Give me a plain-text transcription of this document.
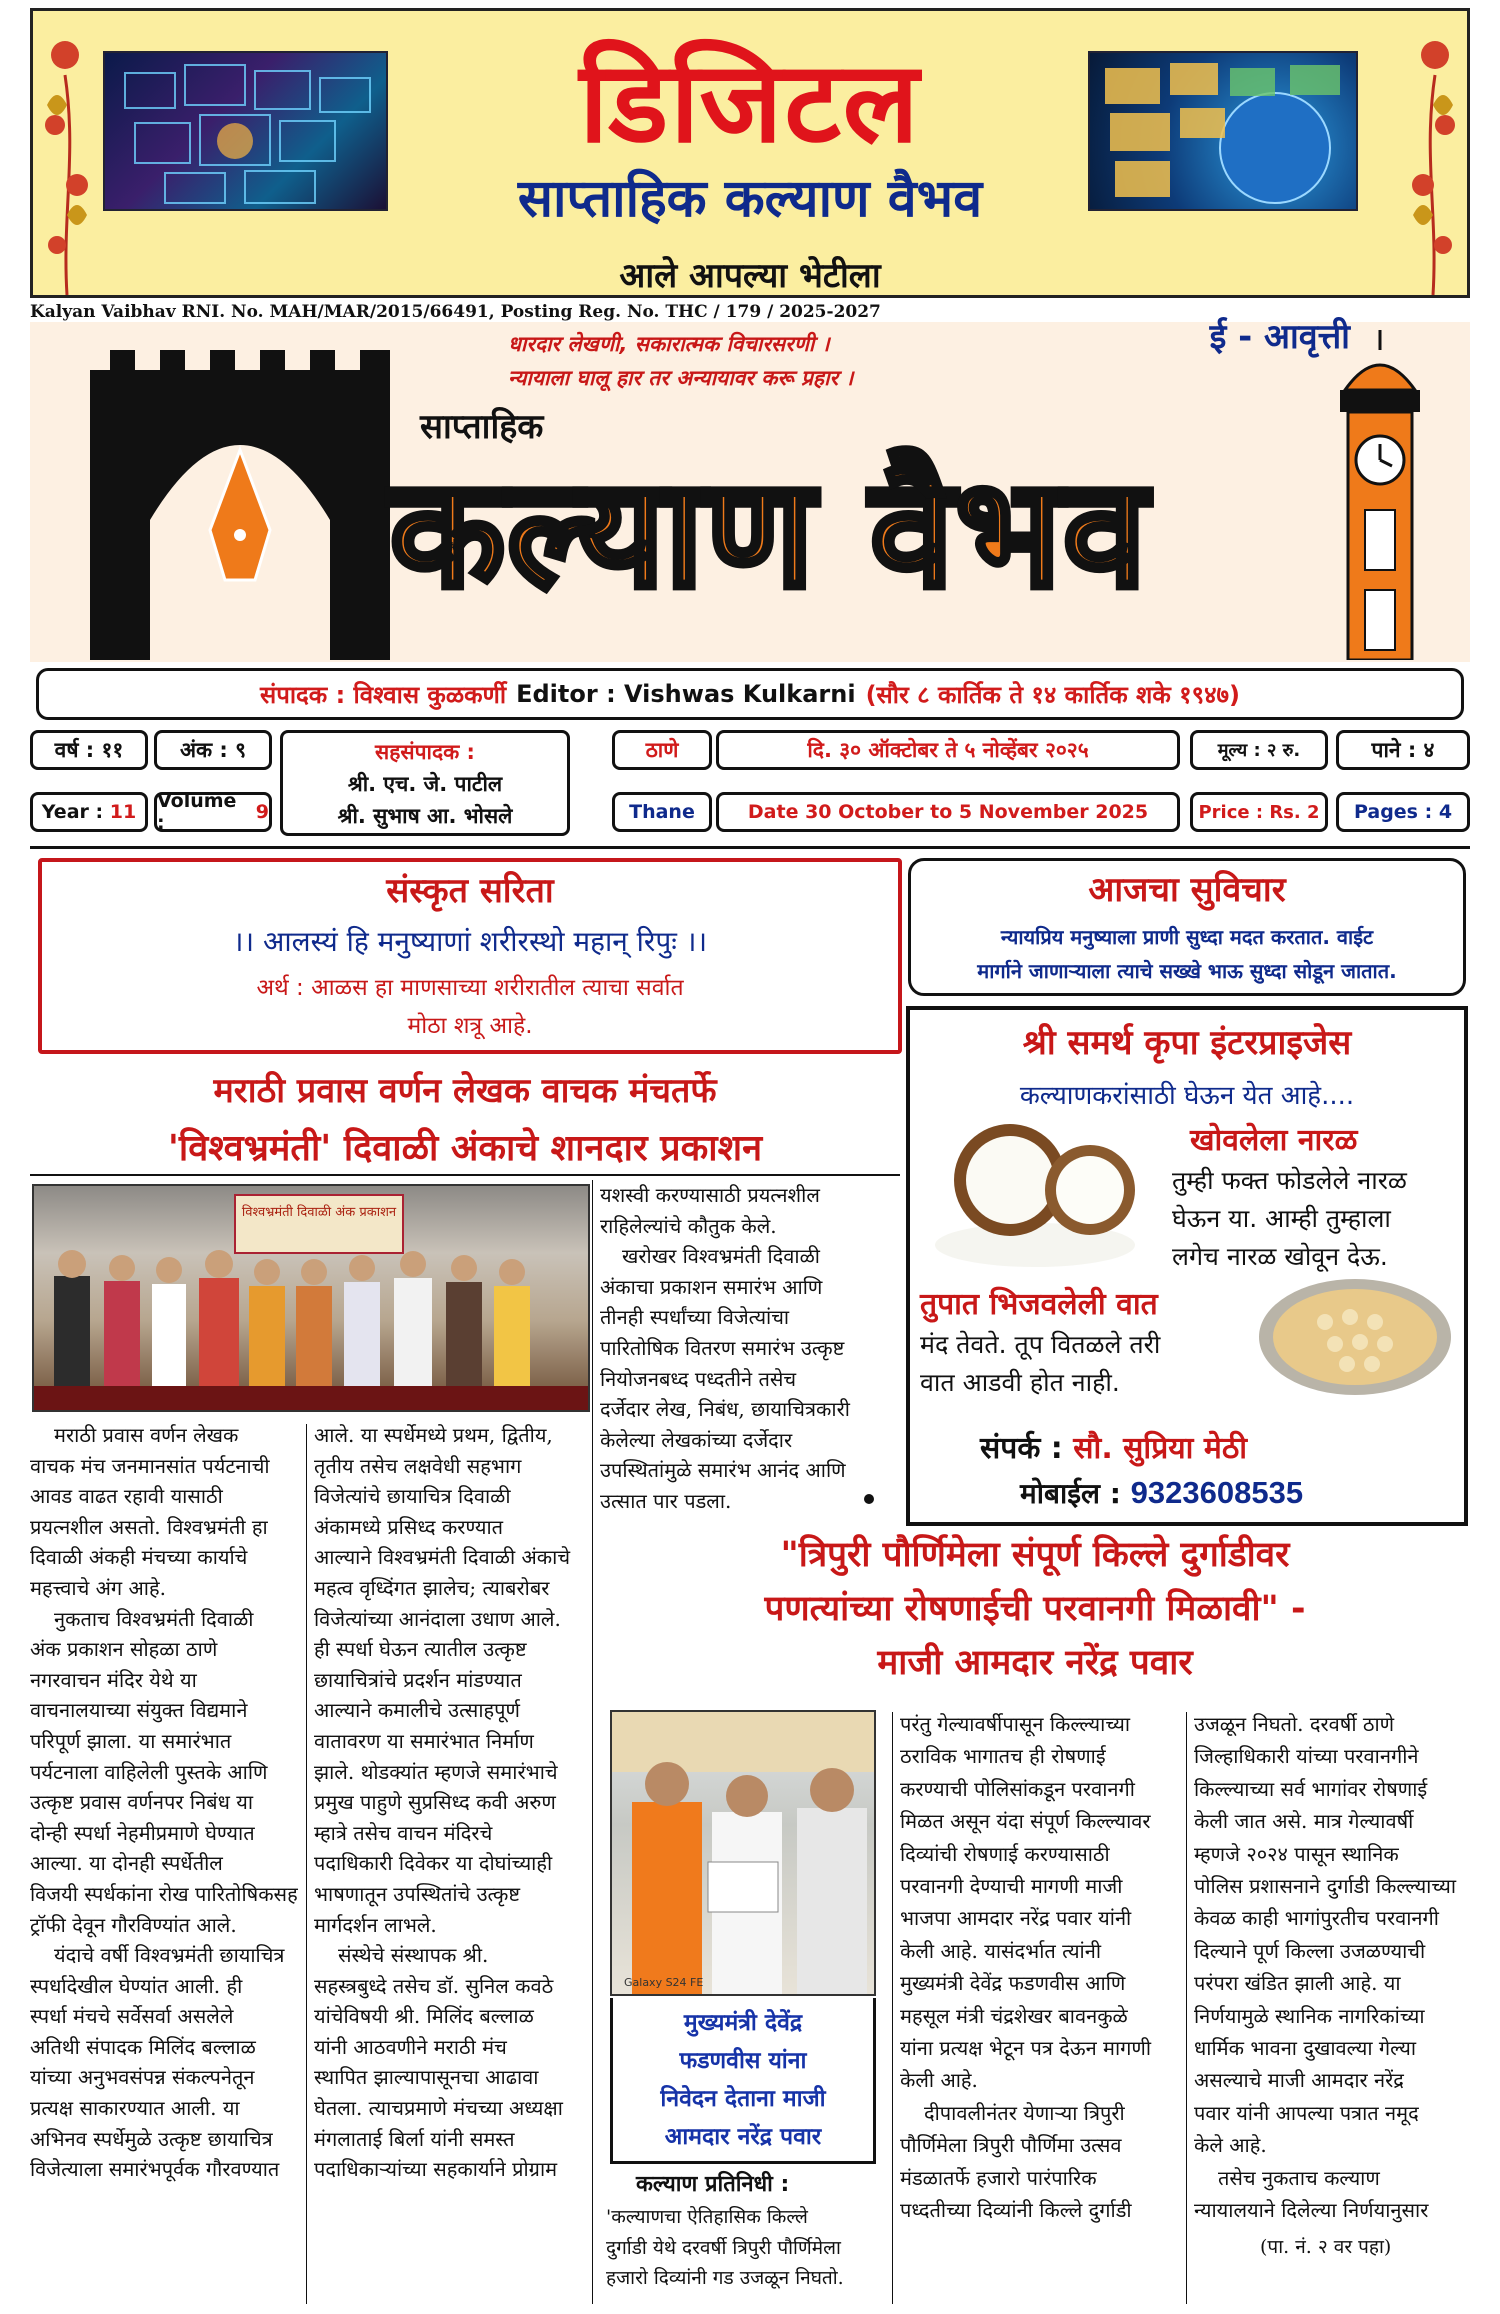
डिजिटल
साप्ताहिक कल्याण वैभव
आले आपल्या भेटीला
Kalyan Vaibhav RNI. No. MAH/MAR/2015/66491, Posting Reg. No. THC / 179 / 2025-2027
धारदार लेखणी, सकारात्मक विचारसरणी ।
न्यायाला घालू हार तर अन्यायावर करू प्रहार ।
साप्ताहिक
कल्याण वैभव
ई - आवृत्ती
संपादक : विश्वास कुळकर्णी Editor : Vishwas Kulkarni (सौर ८ कार्तिक ते १४ कार्तिक शके १९४७)
वर्ष : ११	अंक : ९
Year :
11 Volume :
	9
सहसंपादक :
श्री. एच. जे. पाटील
श्री. सुभाष आ. भोसले
ठाणे
Thane
दि. ३० ऑक्टोबर ते ५ नोव्हेंबर २०२५
Date 30 October to 5 November 2025
मूल्य : २ रु.
Price : Rs. 2
पाने : ४
Pages : 4
संस्कृत सरिता
।। आलस्यं हि मनुष्याणां शरीरस्थो महान् रिपुः ।।
अर्थ : आळस हा माणसाच्या शरीरातील त्याचा सर्वात
मोठा शत्रू आहे.
आजचा सुविचार
न्यायप्रिय मनुष्याला प्राणी सुध्दा मदत करतात. वाईट
मार्गाने जाणाऱ्याला त्याचे सख्खे भाऊ सुध्दा सोडून जातात.
श्री समर्थ कृपा इंटरप्राइजेस
कल्याणकरांसाठी घेऊन येत आहे....
खोवलेला नारळ
तुम्ही फक्त फोडलेले नारळ
घेऊन या. आम्ही तुम्हाला
लगेच नारळ खोवून देऊ.
तुपात भिजवलेली वात
मंद तेवते. तूप वितळले तरी
वात आडवी होत नाही.
संपर्क : सौ. सुप्रिया मेठी
मोबाईल : 9323608535
मराठी प्रवास वर्णन लेखक वाचक मंचतर्फे
'विश्वभ्रमंती' दिवाळी अंकाचे शानदार प्रकाशन
विश्वभ्रमंती दिवाळी अंक प्रकाशन
यशस्वी करण्यासाठी प्रयत्नशील
राहिलेल्यांचे कौतुक केले.
खरोखर विश्वभ्रमंती दिवाळी
अंकाचा प्रकाशन समारंभ आणि
तीनही स्पर्धांच्या विजेत्यांचा
पारितोषिक वितरण समारंभ उत्कृष्ट
नियोजनबध्द पध्दतीने तसेच
दर्जेदार लेख, निबंध, छायाचित्रकारी
केलेल्या लेखकांच्या दर्जेदार
उपस्थितांमुळे समारंभ आनंद आणि
उत्सात पार पडला.
मराठी प्रवास वर्णन लेखक
वाचक मंच जनमानसांत पर्यटनाची
आवड वाढत रहावी यासाठी
प्रयत्नशील असतो. विश्वभ्रमंती हा
दिवाळी अंकही मंचच्या कार्याचे
महत्त्वाचे अंग आहे.
नुकताच विश्वभ्रमंती दिवाळी
अंक प्रकाशन सोहळा ठाणे
नगरवाचन मंदिर येथे या
वाचनालयाच्या संयुक्त विद्यमाने
परिपूर्ण झाला. या समारंभात
पर्यटनाला वाहिलेली पुस्तके आणि
उत्कृष्ट प्रवास वर्णनपर निबंध या
दोन्ही स्पर्धा नेहमीप्रमाणे घेण्यात
आल्या. या दोनही स्पर्धेतील
विजयी स्पर्धकांना रोख पारितोषिकसह
ट्रॉफी देवून गौरविण्यांत आले.
यंदाचे वर्षी विश्वभ्रमंती छायाचित्र
स्पर्धादेखील घेण्यांत आली. ही
स्पर्धा मंचचे सर्वेसर्वा असलेले
अतिथी संपादक मिलिंद बल्लाळ
यांच्या अनुभवसंपन्न संकल्पनेतून
प्रत्यक्ष साकारण्यात आली. या
अभिनव स्पर्धेमुळे उत्कृष्ट छायाचित्र
विजेत्याला समारंभपूर्वक गौरवण्यात
आले. या स्पर्धेमध्ये प्रथम, द्वितीय,
तृतीय तसेच लक्षवेधी सहभाग
विजेत्यांचे छायाचित्र दिवाळी
अंकामध्ये प्रसिध्द करण्यात
आल्याने विश्वभ्रमंती दिवाळी अंकाचे
महत्व वृध्दिंगत झालेच; त्याबरोबर
विजेत्यांच्या आनंदाला उधाण आले.
ही स्पर्धा घेऊन त्यातील उत्कृष्ट
छायाचित्रांचे प्रदर्शन मांडण्यात
आल्याने कमालीचे उत्साहपूर्ण
वातावरण या समारंभात निर्माण
झाले. थोडक्यांत म्हणजे समारंभाचे
प्रमुख पाहुणे सुप्रसिध्द कवी अरुण
म्हात्रे तसेच वाचन मंदिरचे
पदाधिकारी दिवेकर या दोघांच्याही
भाषणातून उपस्थितांचे उत्कृष्ट
मार्गदर्शन लाभले.
संस्थेचे संस्थापक श्री.
सहस्त्रबुध्दे तसेच डॉ. सुनिल कवठे
यांचेविषयी श्री. मिलिंद बल्लाळ
यांनी आठवणीने मराठी मंच
स्थापित झाल्यापासूनचा आढावा
घेतला. त्याचप्रमाणे मंचच्या अध्यक्षा
मंगलाताई बिर्ला यांनी समस्त
पदाधिकाऱ्यांच्या सहकार्याने प्रोग्राम
"त्रिपुरी पौर्णिमेला संपूर्ण किल्ले दुर्गाडीवर
पणत्यांच्या रोषणाईची परवानगी मिळावी" -
माजी आमदार नरेंद्र पवार
Galaxy S24 FE
मुख्यमंत्री देवेंद्र
फडणवीस यांना
निवेदन देताना माजी
आमदार नरेंद्र पवार
कल्याण प्रतिनिधी :
'कल्याणचा ऐतिहासिक किल्ले
दुर्गाडी येथे दरवर्षी त्रिपुरी पौर्णिमेला
हजारो दिव्यांनी गड उजळून निघतो.
परंतु गेल्यावर्षीपासून किल्ल्याच्या
ठराविक भागातच ही रोषणाई
करण्याची पोलिसांकडून परवानगी
मिळत असून यंदा संपूर्ण किल्ल्यावर
दिव्यांची रोषणाई करण्यासाठी
परवानगी देण्याची मागणी माजी
भाजपा आमदार नरेंद्र पवार यांनी
केली आहे. यासंदर्भात त्यांनी
मुख्यमंत्री देवेंद्र फडणवीस आणि
महसूल मंत्री चंद्रशेखर बावनकुळे
यांना प्रत्यक्ष भेटून पत्र देऊन मागणी
केली आहे.
दीपावलीनंतर येणाऱ्या त्रिपुरी
पौर्णिमेला त्रिपुरी पौर्णिमा उत्सव
मंडळातर्फे हजारो पारंपारिक
पध्दतीच्या दिव्यांनी किल्ले दुर्गाडी
उजळून निघतो. दरवर्षी ठाणे
जिल्हाधिकारी यांच्या परवानगीने
किल्ल्याच्या सर्व भागांवर रोषणाई
केली जात असे. मात्र गेल्यावर्षी
म्हणजे २०२४ पासून स्थानिक
पोलिस प्रशासनाने दुर्गाडी किल्ल्याच्या
केवळ काही भागांपुरतीच परवानगी
दिल्याने पूर्ण किल्ला उजळण्याची
परंपरा खंडित झाली आहे. या
निर्णयामुळे स्थानिक नागरिकांच्या
धार्मिक भावना दुखावल्या गेल्या
असल्याचे माजी आमदार नरेंद्र
पवार यांनी आपल्या पत्रात नमूद
केले आहे.
तसेच नुकताच कल्याण
न्यायालयाने दिलेल्या निर्णयानुसार
(पा. नं. २ वर पहा)
